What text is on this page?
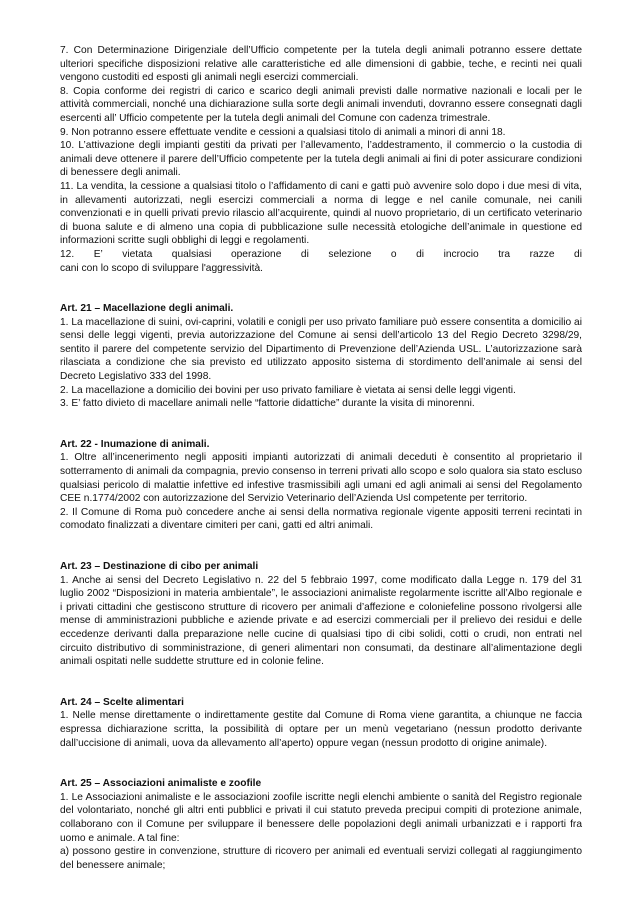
7. Con Determinazione Dirigenziale dell’Ufficio competente per la tutela degli animali potranno essere dettate ulteriori specifiche disposizioni relative alle caratteristiche ed alle dimensioni di gabbie, teche, e recinti nei quali vengono custoditi ed esposti gli animali negli esercizi commerciali.

8. Copia conforme dei registri di carico e scarico degli animali previsti dalle normative nazionali e locali per le attività commerciali, nonché una dichiarazione sulla sorte degli animali invenduti, dovranno essere consegnati dagli esercenti all’ Ufficio competente per la tutela degli animali del Comune con cadenza trimestrale.

9. Non potranno essere effettuate vendite e cessioni a qualsiasi titolo di animali a minori di anni 18.

10. L’attivazione degli impianti gestiti da privati per l’allevamento, l’addestramento, il commercio o la custodia di animali deve ottenere il parere dell’Ufficio competente per la tutela degli animali ai fini di poter assicurare condizioni di benessere degli animali.

11. La vendita, la cessione a qualsiasi titolo o l’affidamento di cani e gatti può avvenire solo dopo i due mesi di vita, in allevamenti autorizzati, negli esercizi commerciali a norma di legge e nel canile comunale, nei canili convenzionati e in quelli privati previo rilascio all’acquirente, quindi al nuovo proprietario, di un certificato veterinario di buona salute e di almeno una copia di pubblicazione sulle necessità etologiche dell’animale in questione ed informazioni scritte sugli obblighi di leggi e regolamenti.

12. E’ vietata qualsiasi operazione di selezione o di incrocio tra razze di

cani con lo scopo di sviluppare l'aggressività.

Art. 21 – Macellazione degli animali.

1. La macellazione di suini, ovi-caprini, volatili e conigli per uso privato familiare può essere consentita a domicilio ai sensi delle leggi vigenti, previa autorizzazione del Comune ai sensi dell’articolo 13 del Regio Decreto 3298/29, sentito il parere del competente servizio del Dipartimento di Prevenzione dell’Azienda USL. L’autorizzazione sarà rilasciata a condizione che sia previsto ed utilizzato apposito sistema di stordimento dell’animale ai sensi del Decreto Legislativo 333 del 1998.

2. La macellazione a domicilio dei bovini per uso privato familiare è vietata ai sensi delle leggi vigenti.

3. E’ fatto divieto di macellare animali nelle “fattorie didattiche” durante la visita di minorenni.

Art. 22 - Inumazione di animali.

1. Oltre all’incenerimento negli appositi impianti autorizzati di animali deceduti è consentito al proprietario il sotterramento di animali da compagnia, previo consenso in terreni privati allo scopo e solo qualora sia stato escluso qualsiasi pericolo di malattie infettive ed infestive trasmissibili agli umani ed agli animali ai sensi del Regolamento CEE n.1774/2002 con autorizzazione del Servizio Veterinario dell’Azienda Usl competente per territorio.

2. Il Comune di Roma può concedere anche ai sensi della normativa regionale vigente appositi terreni recintati in comodato finalizzati a diventare cimiteri per cani, gatti ed altri animali.

Art. 23 – Destinazione di cibo per animali

1. Anche ai sensi del Decreto Legislativo n. 22 del 5 febbraio 1997, come modificato dalla Legge n. 179 del 31 luglio 2002 “Disposizioni in materia ambientale”, le associazioni animaliste regolarmente iscritte all’Albo regionale e i privati cittadini che gestiscono strutture di ricovero per animali d’affezione e coloniefeline possono rivolgersi alle mense di amministrazioni pubbliche e aziende private e ad esercizi commerciali per il prelievo dei residui e delle eccedenze derivanti dalla preparazione nelle cucine di qualsiasi tipo di cibi solidi, cotti o crudi, non entrati nel circuito distributivo di somministrazione, di generi alimentari non consumati, da destinare all’alimentazione degli animali ospitati nelle suddette strutture ed in colonie feline.

Art. 24 – Scelte alimentari

1. Nelle mense direttamente o indirettamente gestite dal Comune di Roma viene garantita, a chiunque ne faccia espressa dichiarazione scritta, la possibilità di optare per un menù vegetariano (nessun prodotto derivante dall’uccisione di animali, uova da allevamento all’aperto) oppure vegan (nessun prodotto di origine animale).

Art. 25 – Associazioni animaliste e zoofile

1. Le Associazioni animaliste e le associazioni zoofile iscritte negli elenchi ambiente o sanità del Registro regionale del volontariato, nonché gli altri enti pubblici e privati il cui statuto preveda precipui compiti di protezione animale, collaborano con il Comune per sviluppare il benessere delle popolazioni degli animali urbanizzati e i rapporti fra uomo e animale. A tal fine:

a) possono gestire in convenzione, strutture di ricovero per animali ed eventuali servizi collegati al raggiungimento del benessere animale;
